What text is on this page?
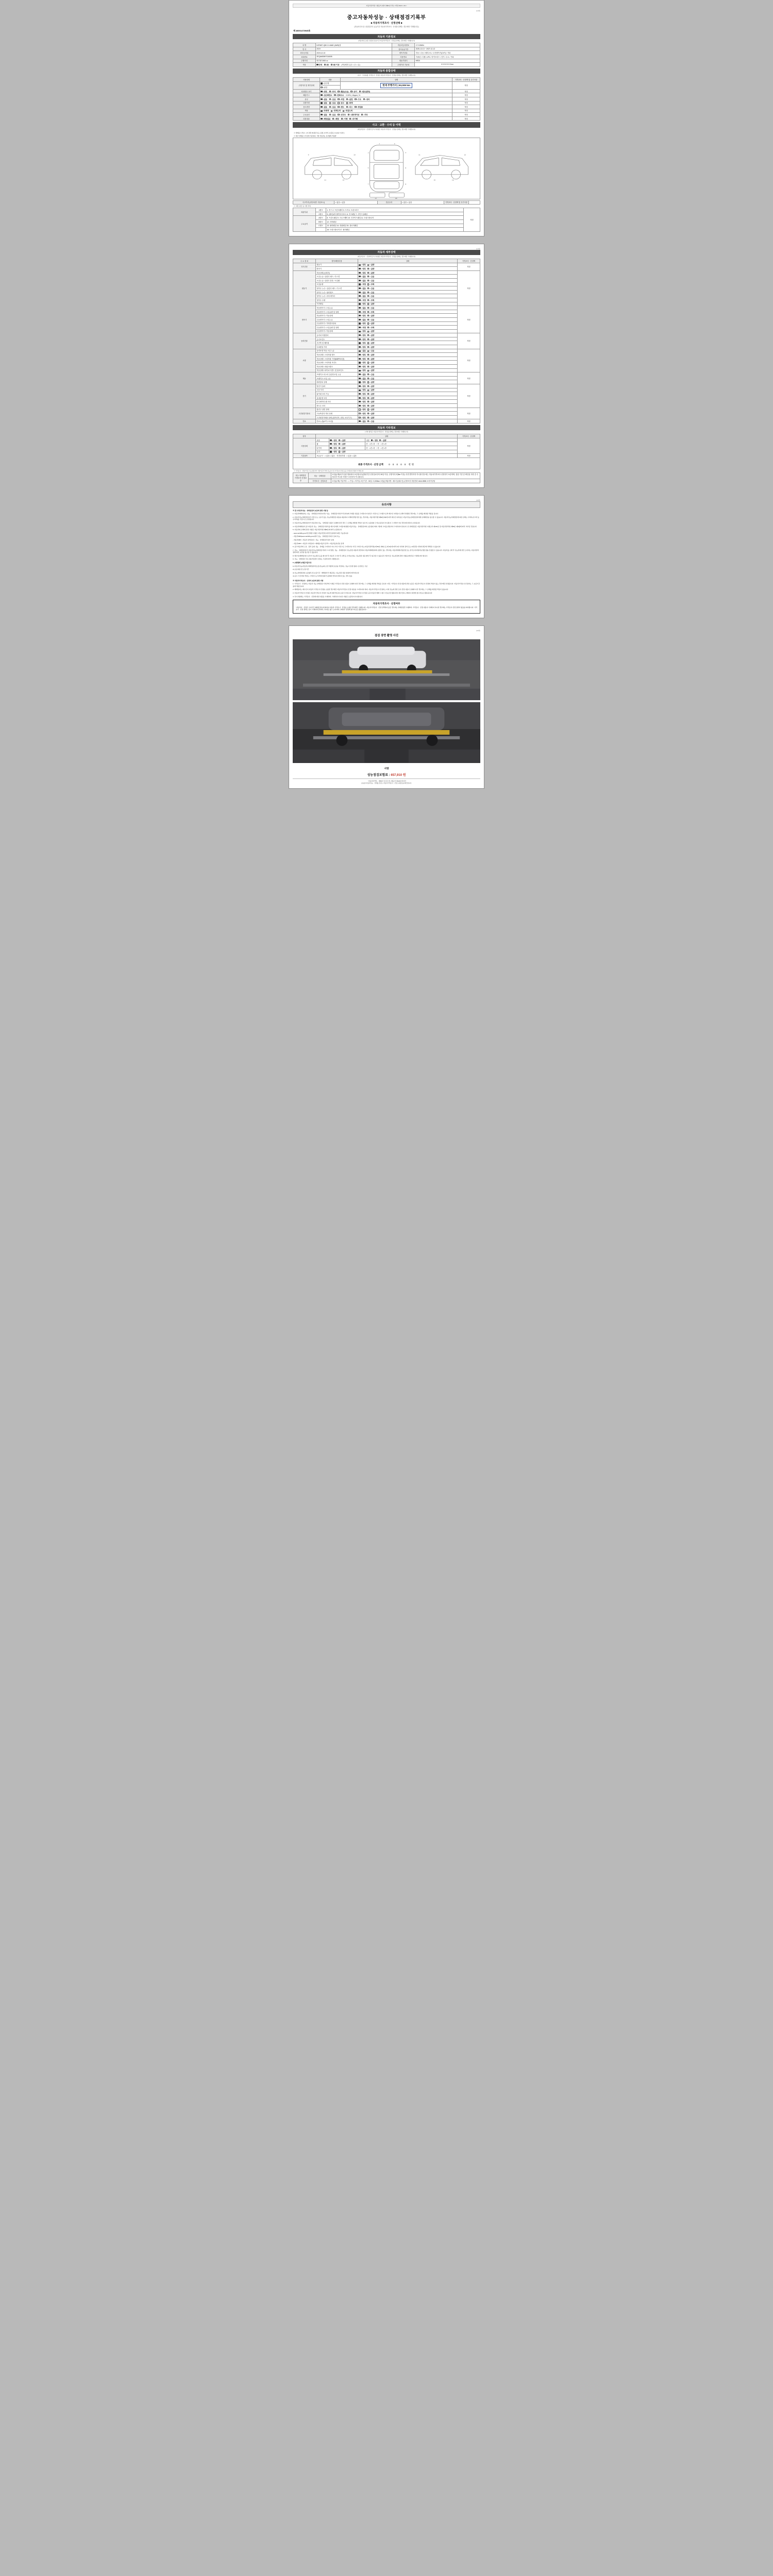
자동차관리법 시행규칙 [별지 제82호서식] <개정 2021.1.19.>
(1/4면)
중고자동차성능 · 상태점검기록부
■ 자동차가격조사 · 산정선택 ■
(자동차인도일: 점검일부터 유효기간 자동차가격조사 · 산정을 함께는 경우에만 기재합니다)
제 48001473945호
자동차 기본정보
(자동차인도일은 점검일 유효기간 자동차가격조사 · 산정을 함께는 경우에만 기재합니다)
차 명	INFINITI Q50 2.0 AWD (4WD)형	자동차등록번호	17도29694
연 식	2019	검사유효기간	2025-12-13 ~ 2027-12-12
최초등록일	2019-12-13	변속기종류	자동 / 수동 / 세미오토 / 무단변속기(CVT) / 기타
차대번호	3FQAM00KF134005	사용연료	가솔린 / 디젤 / LPG / 하이브리드 / 전기 / 수소 / 기타
주행거리	배기량 2000 cc	원동기형식	HR20
색상	단색 2톤 3톤 이상 (색상변경 유무 □ 무 □ 유)	주행거리 기준치	0 0 0 0 0 0 0 km
자동차 종합상태
(사고 · 주유돌출, 가격조사 · 산정은 자동차가격조사 · 산정을 함께는 경우에만 기재합니다)
사용상태	내용	상태	가격조사 · 산정액 및 특기사항
주행거리 및 계기상태	□실주행	현재 주행거리 | 93,009 km	적정
	□변경		
차대번호 표기	□양호 □부식 □훼손(오손) □상이 □변조(변타)		적정
배출가스	□일산화탄소 □탄화수소 0.02% | 16ppm | %		적정
튜닝	□없음 □있음 □적법 □불법 □구조 □장치		적정
특별이력	□없음 □있음 □침수 □화재		적정
용도변경	□없음 □있음 □렌트 □리스 □영업용		적정
색상	□무채색 □전체도색 □부분도색		적정
주요옵션	□없음 □있음 □선루프 □내비게이션 □기타		적정
리콜대상	□해당없음 □해당 □이행 □미이행		적정
사고 · 교환 · 수리 등 이력
(자동차조사 · 산정한 및 특기사항은 자동차가격조사 · 산정을 함께는 경우에만 기재합니다)
※ 상태표시 부호 : ( X:교환, W:판금 또는 용접, C:부식, A:흠집, U:요철, T:손상 )
※ 하단 상태표시 부호에 기준하여, 기타 자동차는 유사항목 적용함
1	2
3	4
5	6
7	8
9	10	11	12
13	14	15	16
17	18
사고이력 (외부/내부 사용표시)	□ 없음 □ 있음	단순수리	□ 없음 □ 있음	가격조사 · 산정액 및 특기사항	
※ 교환, 판금 등 이상 부위
외판부위	1랭크	1. 후드 2. 프론트휀더 3. 도어 4. 트렁크리드	적정
	2랭크	5. (쿼터)라디에이터서포트 6. 루프패널 7. 사이드실패널	
주요골격	A랭크	8. 프론트패널 9. 크로스멤버 10. 인사이드패널 11. 트렁크플로어	
	B랭크	12. 리어패널	
	C랭크	13. 필러패널 14. 대쉬패널 15. 플로어패널	
		16. 트렁크플로어 17. 필러패널	
(1/4면)
자동차 세부상태
(자동차조사 · 산정액 및 특기사항은 자동차가격조사 · 산정을 함께는 경우에만 기재합니다)
주 요 장 치	항목/해당부품	상태	가격조사 · 산정액
자기진단	원동기	□ 양호 □ 불량	적정
	변속기	□ 양호 □ 불량	
원동기	작동상태 (공회전)	□ 양호 □ 불량	적정
	오일누유 / 실린더 헤드 / 가스켓	□ 없음 □ 있음	
	오일누유 / 실린더 블록 / 오일팬	□ 없음 □ 있음	
	오일유량	□ 적정 □ 부족	
	냉각수 누수 / 실린더 헤드 / 가스켓	□ 없음 □ 있음	
	냉각수 누수 / 워터펌프	□ 없음 □ 있음	
	냉각수 누수 / 라디에이터	□ 없음 □ 있음	
	냉각수 수량	□ 적정 □ 부족	
	커먼레일	□ 양호 □ 불량	
변속기	자동변속기 / 오일누유	□ 없음 □ 있음	적정
	자동변속기 / 오일유량 및 상태	□ 적정 □ 부족	
	자동변속기 / 작동상태	□ 양호 □ 불량	
	수동변속기 / 오일누유	□ 없음 □ 있음	
	수동변속기 / 기어변속장치	□ 양호 □ 불량	
	수동변속기 / 오일유량 및 상태	□ 적정 □ 부족	
	수동변속기 / 작동상태	□ 양호 □ 불량	
동력전달	클러치 어셈블리	□ 양호 □ 불량	적정
	등속조인트	□ 양호 □ 불량	
	추진축 및 베어링	□ 양호 □ 불량	
	디퍼렌셜 기어	□ 양호 □ 불량	
조향	동력조향 작동 오일 누유	□ 없음 □ 있음	적정
	작동상태 / 스티어링 펌프	□ 양호 □ 불량	
	작동상태 / 스티어링 기어(MDPS포함)	□ 양호 □ 불량	
	작동상태 / 스티어링 조인트	□ 양호 □ 불량	
	작동상태 / 파워크랭크	□ 양호 □ 불량	
	작동상태 / 타이로드엔드 및 볼조인트	□ 양호 □ 불량	
제동	브레이크 마스터 실린더오일 누유	□ 없음 □ 있음	적정
	브레이크 오일 누유	□ 없음 □ 있음	
	배력장치 상태	□ 양호 □ 불량	
전기	발전기 출력	□ 양호 □ 불량	적정
	시동 모터	□ 양호 □ 불량	
	와이퍼 모터 기능	□ 양호 □ 불량	
	실내송풍 모터	□ 양호 □ 불량	
	라디에이터 팬 모터	□ 양호 □ 불량	
	윈도우 모터	□ 양호 □ 불량	
고전원전기장치	충전구 절연 상태	□ 양호 □ 불량	적정
	구동축전지 격리 상태	□ 양호 □ 불량	
	고전원전기배선 상태 (접속단자, 피복, 보호기구)	□ 양호 □ 불량	
연료	연료누출(LP가스포함)	□ 없음 □ 있음	적정
자동차 기타정보
(기타 항목은 자동차가격조사 · 산정을 함께는 경우에만 기재합니다)
항목	상태			가격조사 · 산정액
사용상태	외장	□ 양호 □ 불량	내장 □ 양호 □ 불량	적정
	휠	□ 양호 □ 불량	전 □전 □후 / 후 □전 □후	
	타이어	□ 양호 □ 불량	전 □전 □후 / 후 □전 □후	
	유리	□ 양호 □ 불량		
기본품목	보유공구 □ 있음 □ 없음 안전삼각대 □ 있음 □ 없음			적정
최종 가격조사 · 산정 금액 0 0 0 0 0 천원
※ 가격조사 · 산정가격은 성능점검자가 차량기준가격에 성능조사 및 가격조사·산정 등을 고려하여 산정한 가격입니다.
성능·상태점검
가격조사·산정보증	성능 · 상태점검	보험(공제)에 가입된 범위에서 보증합니다(범위기간 산정일로부터 30일 이상, 주행거리 2천km 이상). 다만 발부하지 아니할 경우에는 자동차가격조사·산정자가 보증하며, 점검 기간 중 확인된 사항 중 수정되지 아니한 사항은 보증하지 아니합니다.
	가격조사 · 산정보증	보험(공제) 가입여부 : □ 가입 □ 미가입 보증기간 : 30일 / 2,000km 보험(공제)사명 : 매도인(매수인) 분쟁조정 상담전화 1644-5555 소비자상담
(3/4면)
유의사항

※ 중고자동차성능 · 상태점검의 보증에 관한 사항 등

1. 자동차매매업자는 성능 · 상태점검기록부(이하 "성능 · 상태점검기록부"라 한다)에 기재된 내용을 고지하지 아니하고 거짓으로 고지함으로써 매수인 여러분이 손해가 발생한 경우에는 그 손해를 배상할 책임을 집니다.

2. 자동차성능상태점검자가 거짓 또는 오류가 있는 성능상태점검 내용을 제공하여 이해에 발생기한 있는 경우에는 자동차관리법 제58조의4에 따라 매수인 여러분은 자동차성능상태점검자에게 손해배상을 청구할 수 있습니다. 자동차성능상태점검에 의한 손해는 수리비(사고차 등 수리비)를 기준으로 보상됩니다.

3. 자동차성능상태점검자가 자동차의 성능 · 상태점검 내용이 실제와 다른 경우 그 손해를 배상할 책임이 있으며, 보증범위 근거(보증하지 아니하여 그 자체가 아닌 경우)에 한하여 보상됩니다.

4. 자동차매매업자 중고자동차 성능 · 상태점검기록부를 매수인에게 고지할 때 현행 자동차성능 · 상태점검자의 보증범위 외의 고충에 고지를 받았어야 고지하여야 합니다. 본 상태점검은 자동차관리법 시행규칙 제120조 및 자동차관리법 제58조 제4항에 따라 교부된 것입니다.

5. 자동차의 손해에 관한 사항은 자동차관리법 제58조에 따라 보증합니다.

- www.car365.go.kr에 상세한 사항은 자동차민원 대국민포털에서 확인 가능합니다.

- 자동차365(www.car365.go.kr)에서 성능 · 상태점검기록부 조회 가능

- 자동차365 > 자동차 내역조회 > 성능 · 상태점검기록부 조회

- 자동차365 > 자동차 이력조회 > 매매용자동차 검색 > 자동차등록번호 검색

6. 중고자동차의 구조 · 장치 등의 성능 · 상태를 고지하지 아니 거나 거짓으로 고지하거나 거짓 고지한 자는 [자동차관리법] 제 80조 제6호 등 제 8호에 따라 2년 이하의 징역 또는 2천만원 이하의 벌금에 처해질 수 있습니다.

7. 성능 · 상태점검자가 자동차성능상태점검기록부 고지 방법, 성능 · 상태점검자 성능점검 내용과 관련하여 자동차매매업자와 분쟁이 있는 경우에는 자동차매매사업조합 또는 한국소비자원에 분쟁조정을 신청할 수 있습니다. 자동차를 구매 후 성능상태 관련 소비자는 자동차관리법에 따른 보상을 청구할 수 있습니다.

8. 매수인(매매업자)으로부터 성능점검 등을 제시한 후 자동차 고시한 후 손해 등 수리(보상)는 성능점검 내용 확인 후 청구할 수 있습니다. 매수인은 성능점검에 관한 사항을 확인하고 서명하여야 합니다.

9. 성능 · 상태점검 국토교통부장관이 정하는 기준에 따라 수행합니다.

6. 보험협회 보험금지급사유

1) 자동차성능(자동차) 매매업자에 등급(성능)의 보상 차종에 보증을 부담하는 성능이 일정 범위 / 보상한도 기준

2) 보증내용 및 보상기간

3) 성능상태점검의 보증항목 및 보증기간 : 매매업자가 제공하는 성능점검 내용 범위에 따라 합니다.

4) 공수 기간자의 책임도 / 부정이 등 특약의 범위가 불명확 경우의 한하여 있는 경우 있음

※ 자동차가격조사 · 산정의 보증에 관한 사항

1. 가격조사 · 산정자는 자동차 성능 상태점검 기록부에 기재된 가격조사·산정 내용이 실제와 다른 경우에는 그 손해를 배상할 책임을 집니다. 다만, 가격조사·산정 내용에 관한 보증은 자동차가격조사·산정의 책임이 있는 경우에만 한정됩니다. 자동차가격조사·산정자는 그 보증기간 중에 책임집니다.

2. 매매업자는 매수인이 자동차 가격조사·산정을 요청한 경우에만 자동차가격조사·산정 내용을 고지하여야 하며, 자동차가격조사·산정자는 이에 성능에 관한 조사·산정 내용이 실제와 다른 경우에는 그 손해를 배상할 책임이 있습니다.

3. 자동차가격조사·산정은 자동차가격조사·산정자 성능에 대한 별도의 보증이 아닙니다. 자동차가격조사·산정은 중고자동차 매매 시 참고 자료로만 활용되며, 매수인의 구매의사 결정에 참고자료로 활용됩니다.

4. 특기사항에는 가격조사 · 산정에 대한 내용을 기재하며, 기재되지 아니한 사항은 보증하지 아니합니다.

자동차가격조사 · 산정여부
"자동차사 · 산정은 교지기간 제대할 필요에 의하여 자동차 가격조사 · 산정을 요청한 경우에만 기재합니다. 자동차가격조사 · 산정 선택하지 않은 경우에는 상태점검만 수행되며, 가격조사 · 산정 내용이 기재되지 아니한 경우에는 가격조사·산정 결과가 없음을 의미합니다. 가격조사 · 산정 결과는 감가 기재되며 관여의 구속력은 없고 소비자의 구매여부 결정에 참고자료로 활용됩니다."
(4/4면)
점검 장면 촬영 사진
서명
성능점검보험료 : 657,910 원
「자동차관리법」 제58조 및 같은 법 시행규칙 제120조에 따라
[구]중고자동차성능 · 상태를 점검, [ 자동차가격조사 · 산정 ] 내용입을 확인합니다.
